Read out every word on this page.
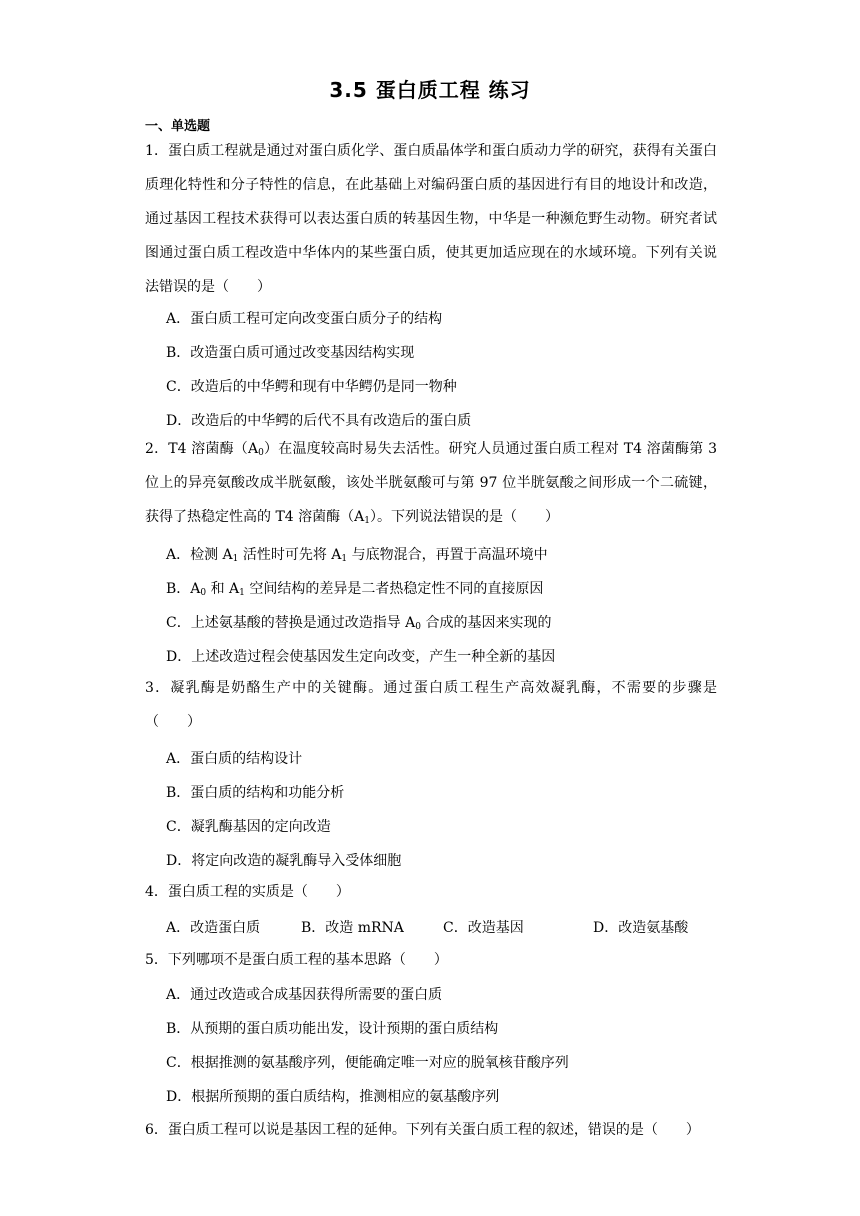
3.5 蛋白质工程 练习
一、单选题
1．蛋白质工程就是通过对蛋白质化学、蛋白质晶体学和蛋白质动力学的研究，获得有关蛋白质理化特性和分子特性的信息，在此基础上对编码蛋白质的基因进行有目的地设计和改造，通过基因工程技术获得可以表达蛋白质的转基因生物，中华是一种濒危野生动物。研究者试图通过蛋白质工程改造中华体内的某些蛋白质，使其更加适应现在的水域环境。下列有关说法错误的是（　　）
A．蛋白质工程可定向改变蛋白质分子的结构
B．改造蛋白质可通过改变基因结构实现
C．改造后的中华鳄和现有中华鳄仍是同一物种
D．改造后的中华鳄的后代不具有改造后的蛋白质
2．T4 溶菌酶$(A_0)$在温度较高时易失去活性。研究人员通过蛋白质工程对 T4 溶菌酶第 3 位上的异亮氨酸改成半胱氨酸，该处半胱氨酸可与第 97 位半胱氨酸之间形成一个二硫键，获得了热稳定性高的 T4 溶菌酶$(A_1)$。下列说法错误的是（　　）
A．检测 $A_1$ 活性时可先将 $A_1$ 与底物混合，再置于高温环境中
B．$A_0$ 和 $A_1$ 空间结构的差异是二者热稳定性不同的直接原因
C．上述氨基酸的替换是通过改造指导 $A_0$ 合成的基因来实现的
D．上述改造过程会使基因发生定向改变，产生一种全新的基因
3．凝乳酶是奶酪生产中的关键酶。通过蛋白质工程生产高效凝乳酶，不需要的步骤是（　　）
A．蛋白质的结构设计
B．蛋白质的结构和功能分析
C．凝乳酶基因的定向改造
D．将定向改造的凝乳酶导入受体细胞
4．蛋白质工程的实质是（　　）
A．改造蛋白质	B．改造 mRNA	C．改造基因	D．改造氨基酸
5．下列哪项不是蛋白质工程的基本思路（　　）
A．通过改造或合成基因获得所需要的蛋白质
B．从预期的蛋白质功能出发，设计预期的蛋白质结构
C．根据推测的氨基酸序列，便能确定唯一对应的脱氧核苷酸序列
D．根据所预期的蛋白质结构，推测相应的氨基酸序列
6．蛋白质工程可以说是基因工程的延伸。下列有关蛋白质工程的叙述，错误的是（　　）
